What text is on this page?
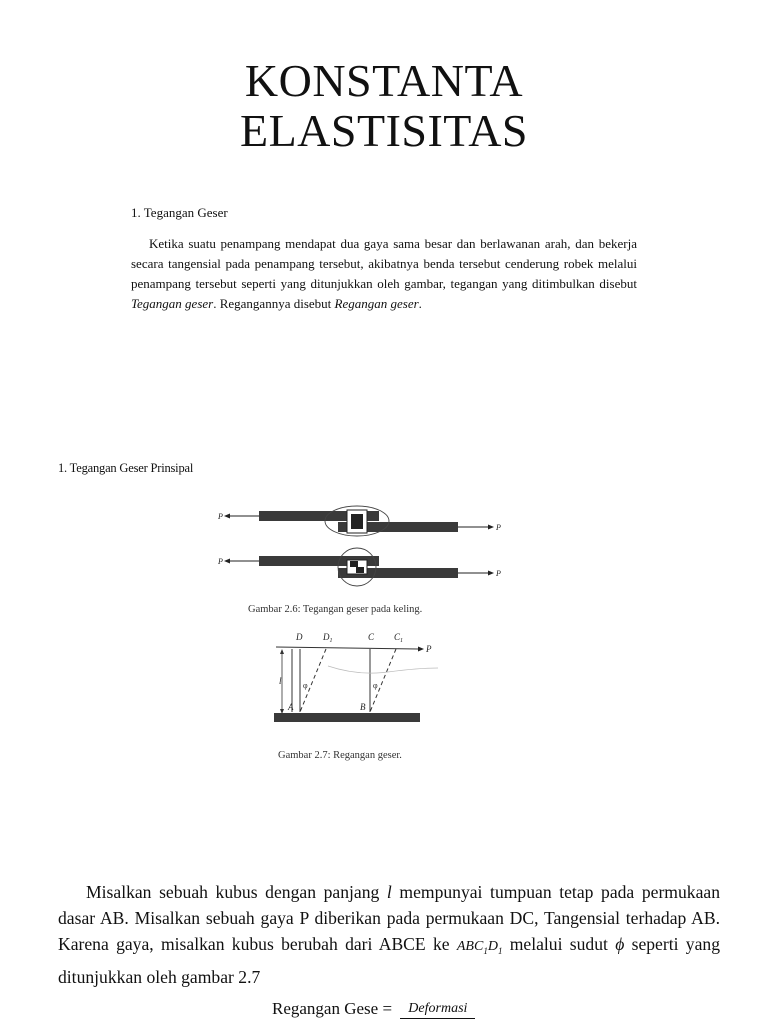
KONSTANTA
ELASTISITAS
1. Tegangan Geser
Ketika suatu penampang mendapat dua gaya sama besar dan berlawanan arah, dan bekerja secara tangensial pada penampang tersebut, akibatnya benda tersebut cenderung robek melalui penampang tersebut seperti yang ditunjukkan oleh gambar, tegangan yang ditimbulkan disebut Tegangan geser. Regangannya disebut Regangan geser.
1. Tegangan Geser Prinsipal
P
P
P
P
Gambar 2.6: Tegangan geser pada keling.
D $D_1$	C $C_1$
P
l	φ	φ
A	B
Gambar 2.7: Regangan geser.
Misalkan sebuah kubus dengan panjang l mempunyai tumpuan tetap pada permukaan dasar AB. Misalkan sebuah gaya P diberikan pada permukaan DC, Tangensial terhadap AB. Karena gaya, misalkan kubus berubah dari ABCE ke $ABC_1D_1$ melalui sudut ϕ seperti yang ditunjukkan oleh gambar 2.7
Regangan Gese = Deformasi
